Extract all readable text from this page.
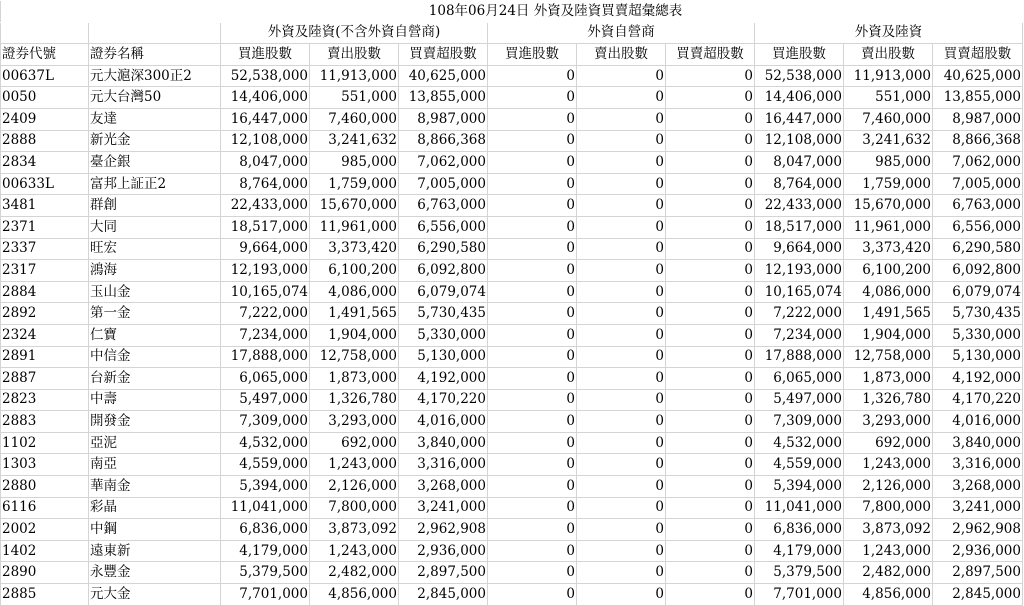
	108年06月24日 外資及陸資買賣超彙總表									
		外資及陸資(不含外資自營商)			外資自營商			外資及陸資		
證券代號	證券名稱	買進股數	賣出股數	買賣超股數	買進股數	賣出股數	買賣超股數	買進股數	賣出股數	買賣超股數
00637L	元大滬深300正2	52,538,000	11,913,000	40,625,000	0	0	0	52,538,000	11,913,000	40,625,000
0050	元大台灣50	14,406,000	551,000	13,855,000	0	0	0	14,406,000	551,000	13,855,000
2409	友達	16,447,000	7,460,000	8,987,000	0	0	0	16,447,000	7,460,000	8,987,000
2888	新光金	12,108,000	3,241,632	8,866,368	0	0	0	12,108,000	3,241,632	8,866,368
2834	臺企銀	8,047,000	985,000	7,062,000	0	0	0	8,047,000	985,000	7,062,000
00633L	富邦上証正2	8,764,000	1,759,000	7,005,000	0	0	0	8,764,000	1,759,000	7,005,000
3481	群創	22,433,000	15,670,000	6,763,000	0	0	0	22,433,000	15,670,000	6,763,000
2371	大同	18,517,000	11,961,000	6,556,000	0	0	0	18,517,000	11,961,000	6,556,000
2337	旺宏	9,664,000	3,373,420	6,290,580	0	0	0	9,664,000	3,373,420	6,290,580
2317	鴻海	12,193,000	6,100,200	6,092,800	0	0	0	12,193,000	6,100,200	6,092,800
2884	玉山金	10,165,074	4,086,000	6,079,074	0	0	0	10,165,074	4,086,000	6,079,074
2892	第一金	7,222,000	1,491,565	5,730,435	0	0	0	7,222,000	1,491,565	5,730,435
2324	仁寶	7,234,000	1,904,000	5,330,000	0	0	0	7,234,000	1,904,000	5,330,000
2891	中信金	17,888,000	12,758,000	5,130,000	0	0	0	17,888,000	12,758,000	5,130,000
2887	台新金	6,065,000	1,873,000	4,192,000	0	0	0	6,065,000	1,873,000	4,192,000
2823	中壽	5,497,000	1,326,780	4,170,220	0	0	0	5,497,000	1,326,780	4,170,220
2883	開發金	7,309,000	3,293,000	4,016,000	0	0	0	7,309,000	3,293,000	4,016,000
1102	亞泥	4,532,000	692,000	3,840,000	0	0	0	4,532,000	692,000	3,840,000
1303	南亞	4,559,000	1,243,000	3,316,000	0	0	0	4,559,000	1,243,000	3,316,000
2880	華南金	5,394,000	2,126,000	3,268,000	0	0	0	5,394,000	2,126,000	3,268,000
6116	彩晶	11,041,000	7,800,000	3,241,000	0	0	0	11,041,000	7,800,000	3,241,000
2002	中鋼	6,836,000	3,873,092	2,962,908	0	0	0	6,836,000	3,873,092	2,962,908
1402	遠東新	4,179,000	1,243,000	2,936,000	0	0	0	4,179,000	1,243,000	2,936,000
2890	永豐金	5,379,500	2,482,000	2,897,500	0	0	0	5,379,500	2,482,000	2,897,500
2885	元大金	7,701,000	4,856,000	2,845,000	0	0	0	7,701,000	4,856,000	2,845,000
